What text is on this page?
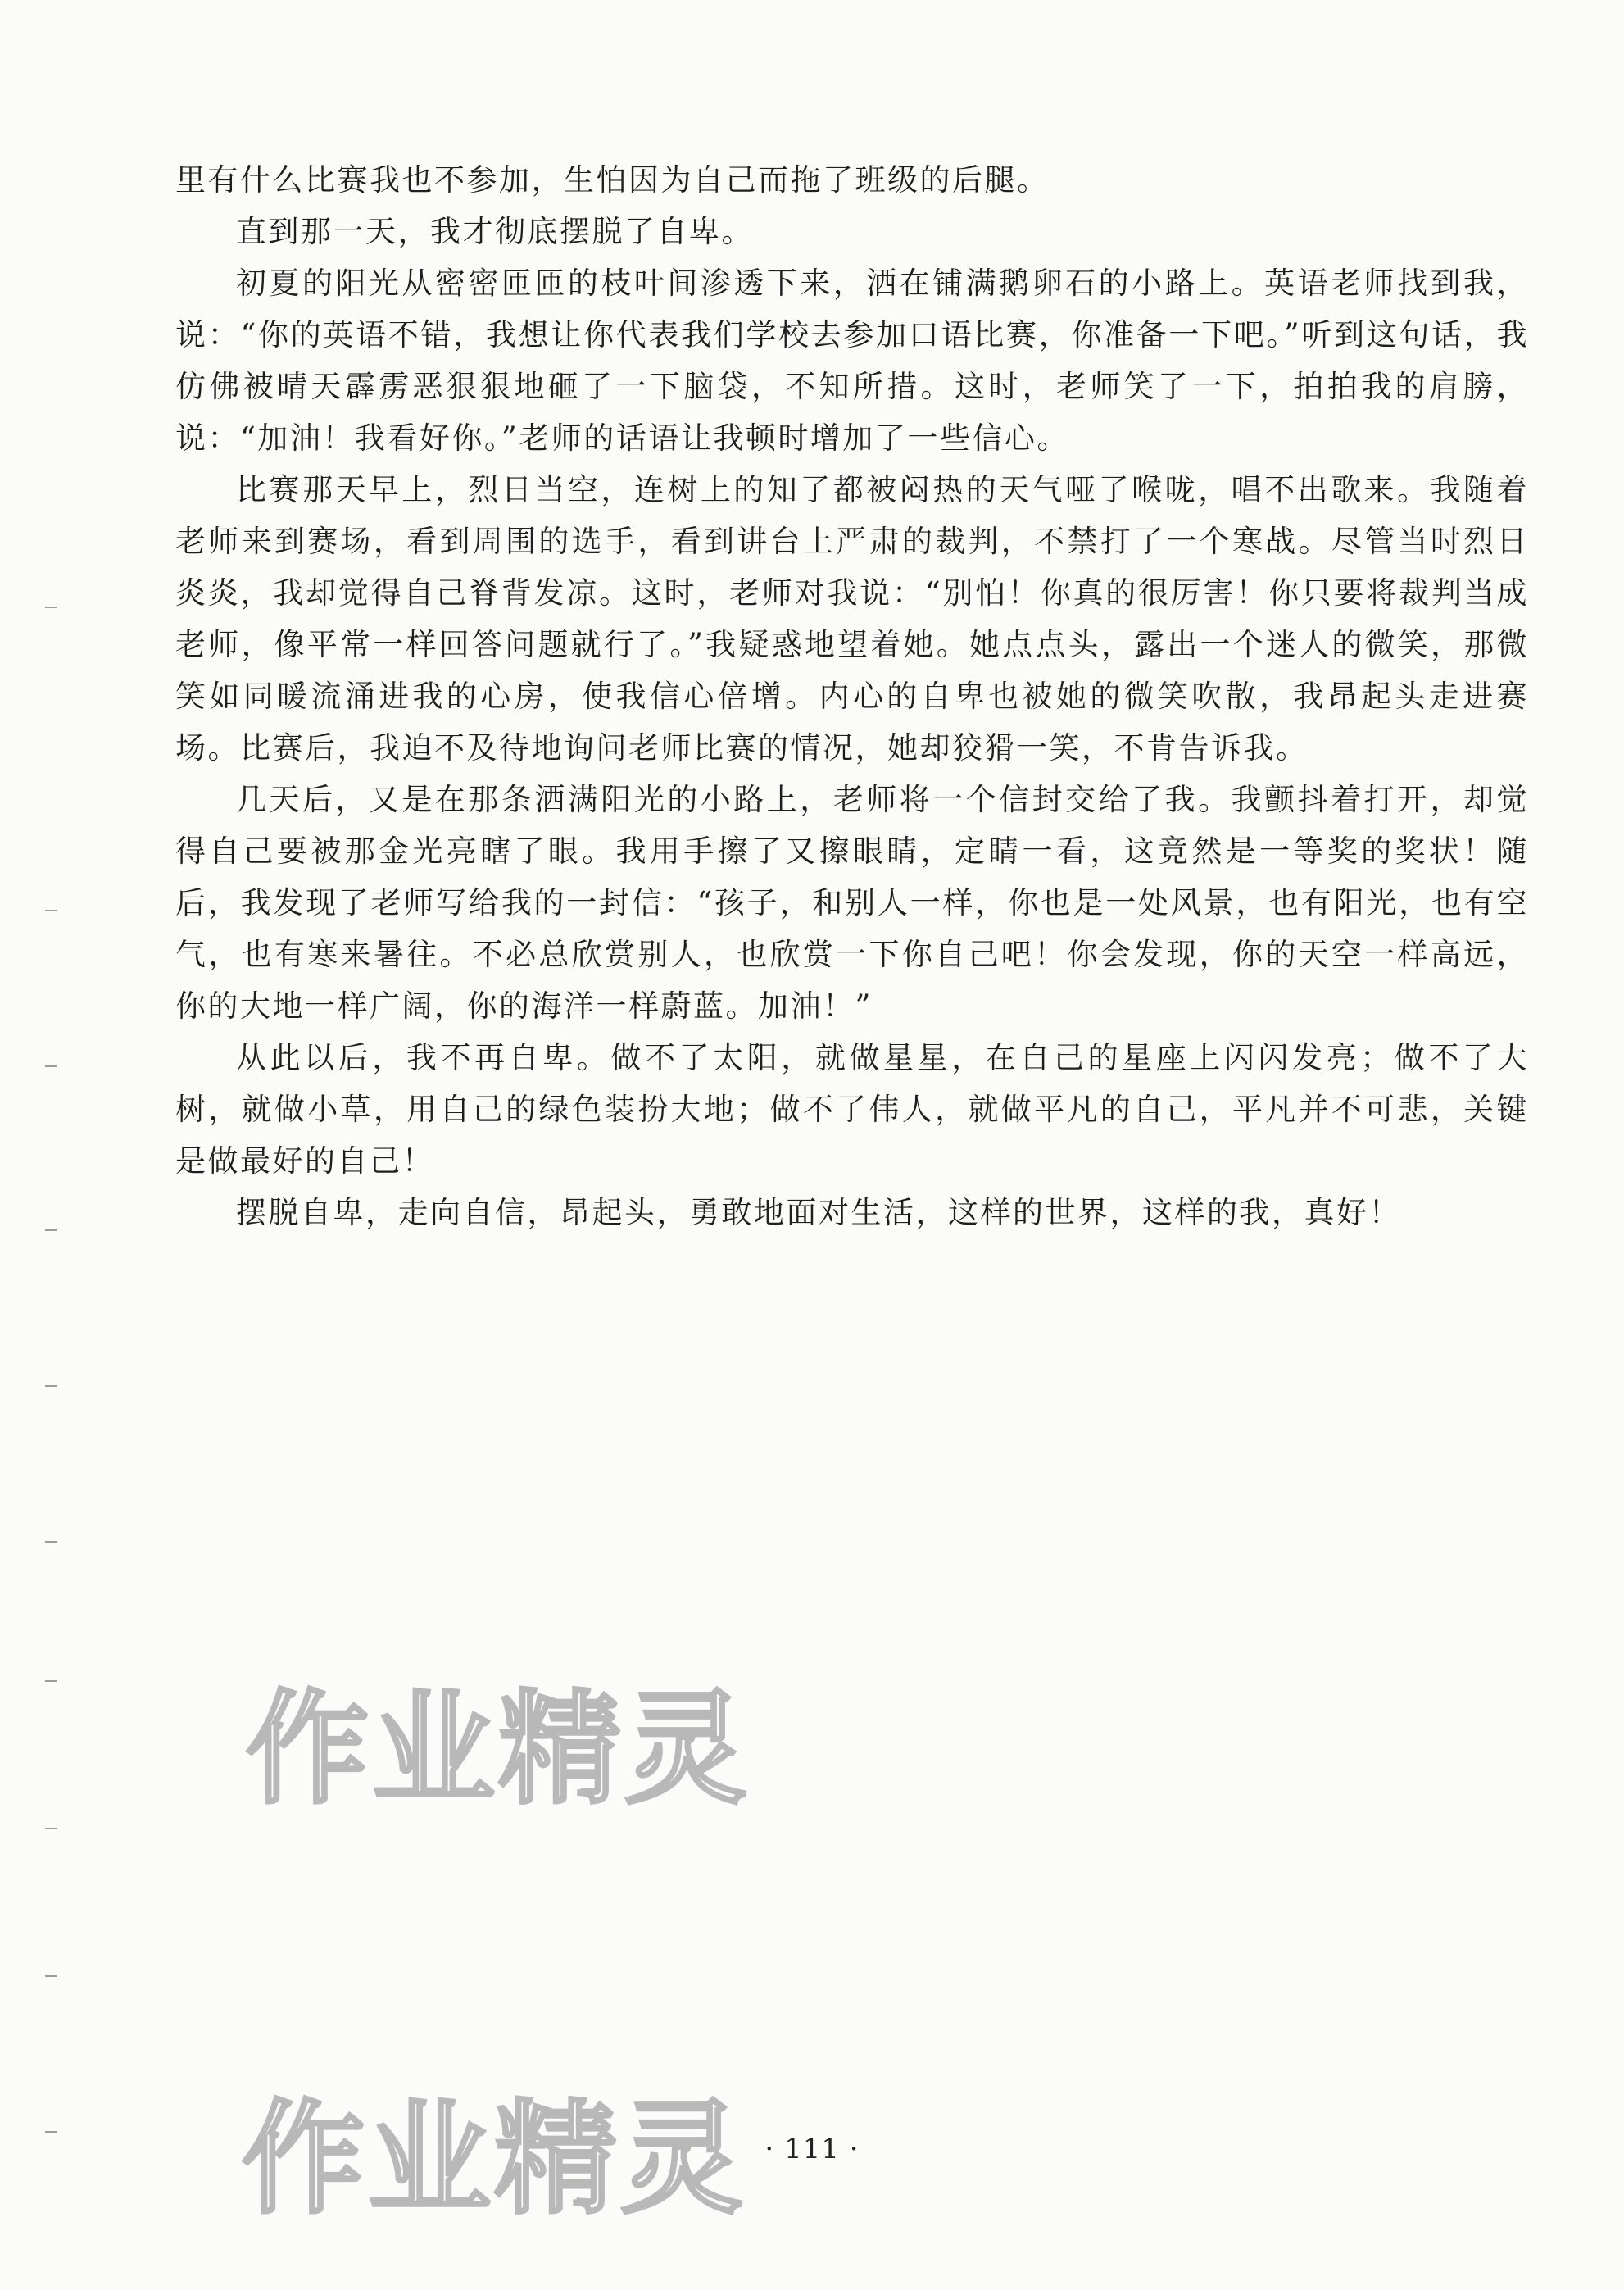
里有什么比赛我也不参加，生怕因为自己而拖了班级的后腿。

直到那一天，我才彻底摆脱了自卑。

初夏的阳光从密密匝匝的枝叶间渗透下来，洒在铺满鹅卵石的小路上。英语老师找到我，说：“你的英语不错，我想让你代表我们学校去参加口语比赛，你准备一下吧。”听到这句话，我仿佛被晴天霹雳恶狠狠地砸了一下脑袋，不知所措。这时，老师笑了一下，拍拍我的肩膀，说：“加油！我看好你。”老师的话语让我顿时增加了一些信心。

比赛那天早上，烈日当空，连树上的知了都被闷热的天气哑了喉咙，唱不出歌来。我随着老师来到赛场，看到周围的选手，看到讲台上严肃的裁判，不禁打了一个寒战。尽管当时烈日炎炎，我却觉得自己脊背发凉。这时，老师对我说：“别怕！你真的很厉害！你只要将裁判当成老师，像平常一样回答问题就行了。”我疑惑地望着她。她点点头，露出一个迷人的微笑，那微笑如同暖流涌进我的心房，使我信心倍增。内心的自卑也被她的微笑吹散，我昂起头走进赛场。比赛后，我迫不及待地询问老师比赛的情况，她却狡猾一笑，不肯告诉我。

几天后，又是在那条洒满阳光的小路上，老师将一个信封交给了我。我颤抖着打开，却觉得自己要被那金光亮瞎了眼。我用手擦了又擦眼睛，定睛一看，这竟然是一等奖的奖状！随后，我发现了老师写给我的一封信：“孩子，和别人一样，你也是一处风景，也有阳光，也有空气，也有寒来暑往。不必总欣赏别人，也欣赏一下你自己吧！你会发现，你的天空一样高远，你的大地一样广阔，你的海洋一样蔚蓝。加油！”

从此以后，我不再自卑。做不了太阳，就做星星，在自己的星座上闪闪发亮；做不了大树，就做小草，用自己的绿色装扮大地；做不了伟人，就做平凡的自己，平凡并不可悲，关键是做最好的自己！

摆脱自卑，走向自信，昂起头，勇敢地面对生活，这样的世界，这样的我，真好！

作业精灵
作业精灵 · 111 ·
